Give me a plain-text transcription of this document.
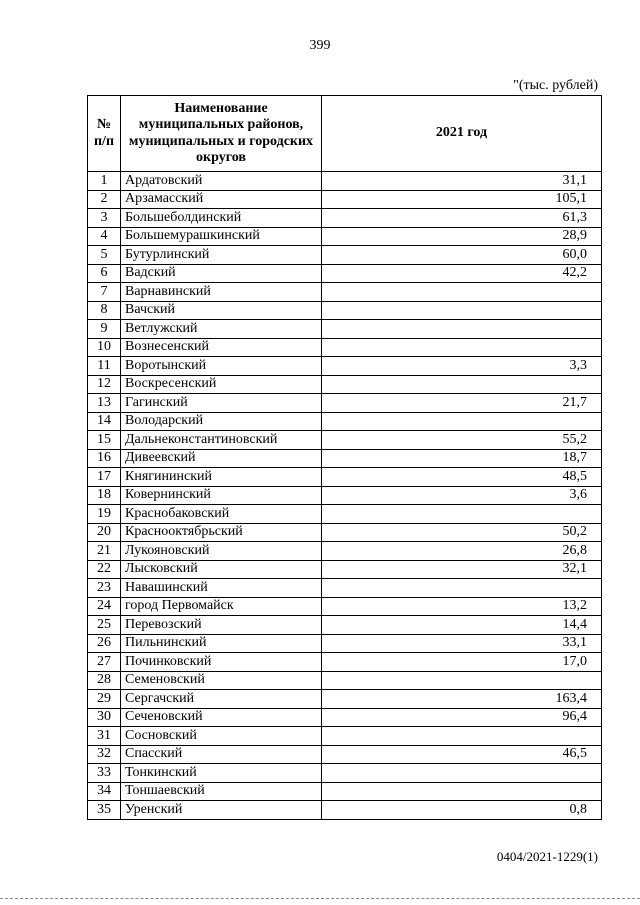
399
"(тыс. рублей)
№ п/п	Наименование муниципальных районов, муниципальных и городских округов	2021 год
1	Ардатовский	31,1
2	Арзамасский	105,1
3	Большеболдинский	61,3
4	Большемурашкинский	28,9
5	Бутурлинский	60,0
6	Вадский	42,2
7	Варнавинский	
8	Вачский	
9	Ветлужский	
10	Вознесенский	
11	Воротынский	3,3
12	Воскресенский	
13	Гагинский	21,7
14	Володарский	
15	Дальнеконстантиновский	55,2
16	Дивеевский	18,7
17	Княгининский	48,5
18	Ковернинский	3,6
19	Краснобаковский	
20	Краснооктябрьский	50,2
21	Лукояновский	26,8
22	Лысковский	32,1
23	Навашинский	
24	город Первомайск	13,2
25	Перевозский	14,4
26	Пильнинский	33,1
27	Починковский	17,0
28	Семеновский	
29	Сергачский	163,4
30	Сеченовский	96,4
31	Сосновский	
32	Спасский	46,5
33	Тонкинский	
34	Тоншаевский	
35	Уренский	0,8
0404/2021-1229(1)
